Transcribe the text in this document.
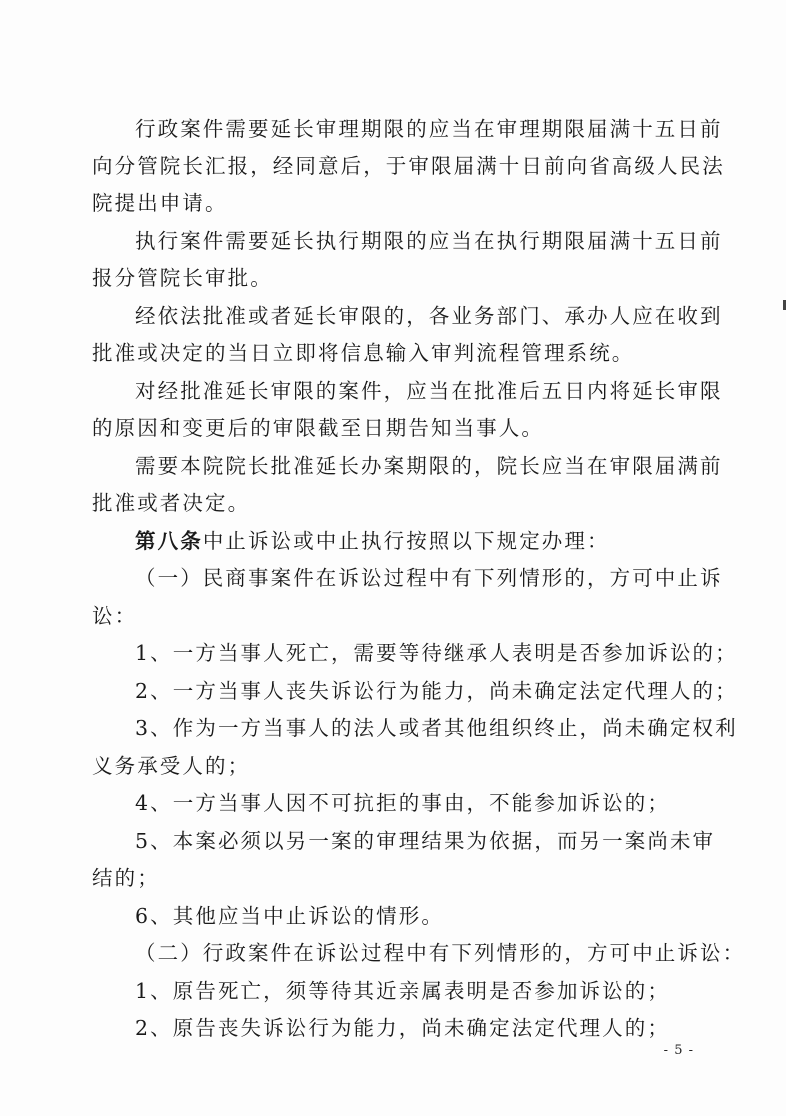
行政案件需要延长审理期限的应当在审理期限届满十五日前
向分管院长汇报，经同意后，于审限届满十日前向省高级人民法
院提出申请。
执行案件需要延长执行期限的应当在执行期限届满十五日前
报分管院长审批。
经依法批准或者延长审限的，各业务部门、承办人应在收到
批准或决定的当日立即将信息输入审判流程管理系统。
对经批准延长审限的案件，应当在批准后五日内将延长审限
的原因和变更后的审限截至日期告知当事人。
需要本院院长批准延长办案期限的，院长应当在审限届满前
批准或者决定。
第八条中止诉讼或中止执行按照以下规定办理：
（一）民商事案件在诉讼过程中有下列情形的，方可中止诉
讼：
1、一方当事人死亡，需要等待继承人表明是否参加诉讼的；
2、一方当事人丧失诉讼行为能力，尚未确定法定代理人的；
3、作为一方当事人的法人或者其他组织终止，尚未确定权利
义务承受人的；
4、一方当事人因不可抗拒的事由，不能参加诉讼的；
5、本案必须以另一案的审理结果为依据，而另一案尚未审
结的；
6、其他应当中止诉讼的情形。
（二）行政案件在诉讼过程中有下列情形的，方可中止诉讼：
1、原告死亡，须等待其近亲属表明是否参加诉讼的；
2、原告丧失诉讼行为能力，尚未确定法定代理人的；
- 5 -
